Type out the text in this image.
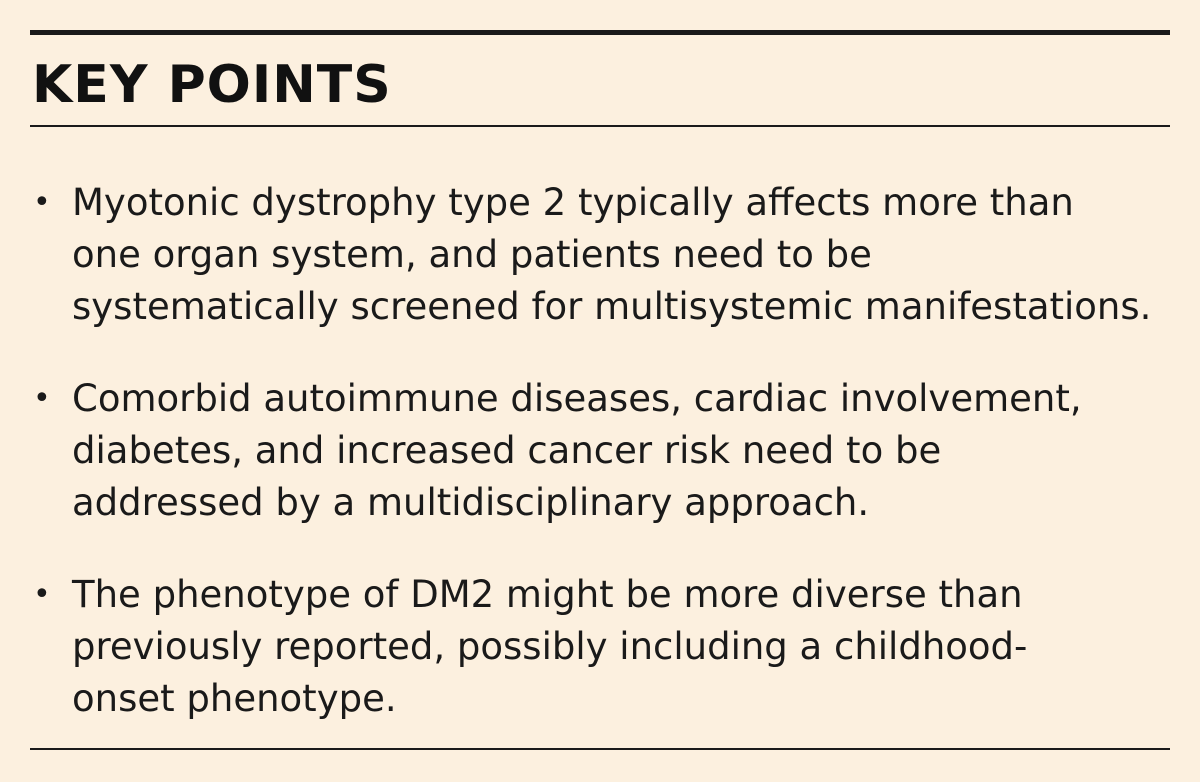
KEY POINTS
• Myotonic dystrophy type 2 typically affects more than
one organ system, and patients need to be
systematically screened for multisystemic manifestations.
• Comorbid autoimmune diseases, cardiac involvement,
diabetes, and increased cancer risk need to be
addressed by a multidisciplinary approach.
• The phenotype of DM2 might be more diverse than
previously reported, possibly including a childhood-
onset phenotype.
